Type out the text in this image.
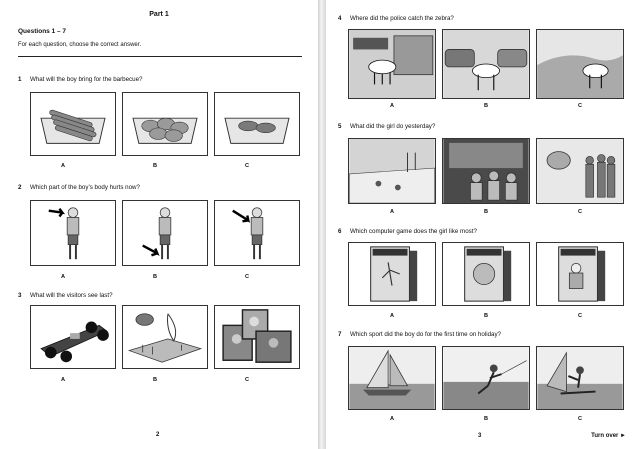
Part 1
Questions 1 – 7
For each question, choose the correct answer.
1 What will the boy bring for the barbecue?
A	B	C
2 Which part of the boy’s body hurts now?
A	B	C
3 What will the visitors see last?
A	B	C
2
4 Where did the police catch the zebra?
A	B	C
5 What did the girl do yesterday?
A	B	C
6 Which computer game does the girl like most?
A	B	C
7 Which sport did the boy do for the first time on holiday?
A	B	C
3	Turn over ►
